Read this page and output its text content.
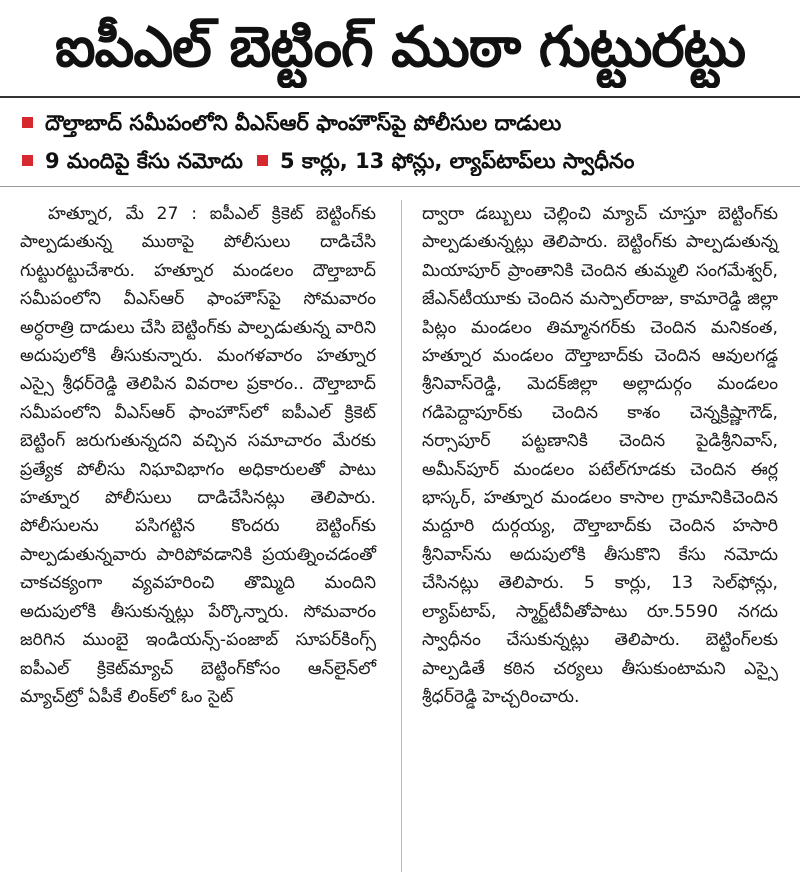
ఐపీఎల్ బెట్టింగ్ ముఠా గుట్టురట్టు
దౌల్తాబాద్ సమీపంలోని వీఎస్ఆర్ ఫాంహౌస్‌పై పోలీసుల దాడులు
9 మందిపై కేసు నమోదు 5 కార్లు, 13 ఫోన్లు, ల్యాప్‌టాప్‌లు స్వాధీనం

హత్నూర, మే 27 : ఐపీఎల్ క్రికెట్ బెట్టింగ్‌కు పాల్పడుతున్న ముఠాపై పోలీసులు దాడిచేసి గుట్టురట్టుచేశారు. హత్నూర మండలం దౌల్తాబాద్ సమీపంలోని వీఎస్ఆర్ ఫాంహౌస్‌పై సోమవారం అర్ధరాత్రి దాడులు చేసి బెట్టింగ్‌కు పాల్పడుతున్న వారిని అదుపులోకి తీసుకున్నారు. మంగళవారం హత్నూర ఎస్సై శ్రీధర్‌రెడ్డి తెలిపిన వివరాల ప్రకారం.. దౌల్తాబాద్ సమీపంలోని వీఎస్ఆర్ ఫాంహౌస్‌లో ఐపీఎల్ క్రికెట్ బెట్టింగ్ జరుగుతున్నదని వచ్చిన సమాచారం మేరకు ప్రత్యేక పోలీసు నిఘావిభాగం అధికారులతో పాటు హత్నూర పోలీసులు దాడిచేసినట్లు తెలిపారు. పోలీసులను పసిగట్టిన కొందరు బెట్టింగ్‌కు పాల్పడుతున్నవారు పారిపోవడానికి ప్రయత్నించడంతో చాకచక్యంగా వ్యవహరించి తొమ్మిది మందిని అదుపులోకి తీసుకున్నట్లు పేర్కొన్నారు. సోమవారం జరిగిన ముంబై ఇండియన్స్-పంజాబ్ సూపర్‌కింగ్స్ ఐపీఎల్ క్రికెట్‌మ్యాచ్ బెట్టింగ్‌కోసం ఆన్‌లైన్‌లో మ్యాచ్‌ట్రో ఏపీకే లింక్‌లో ఓం సైట్

ద్వారా డబ్బులు చెల్లించి మ్యాచ్ చూస్తూ బెట్టింగ్‌కు పాల్పడుతున్నట్లు తెలిపారు. బెట్టింగ్‌కు పాల్పడుతున్న మియాపూర్ ప్రాంతానికి చెందిన తుమ్మలి సంగమేశ్వర్, జేఎన్‌టీయూకు చెందిన మస్పాల్‌రాజు, కామారెడ్డి జిల్లా పిట్లం మండలం తిమ్మానగర్‌కు చెందిన మనికంత, హత్నూర మండలం దౌల్తాబాద్‌కు చెందిన ఆవులగడ్డ శ్రీనివాస్‌రెడ్డి, మెదక్‌జిల్లా అల్లాదుర్గం మండలం గడిపెద్దాపూర్‌కు చెందిన కాశం చెన్నక్రిష్ణాగౌడ్, నర్సాపూర్ పట్టణానికి చెందిన పైడిశ్రీనివాస్, అమీన్‌పూర్ మండలం పటేల్‌గూడకు చెందిన ఈర్ల భాస్కర్, హత్నూర మండలం కాసాల గ్రామానికిచెందిన మద్దూరి దుర్గయ్య, దౌల్తాబాద్‌కు చెందిన హసారి శ్రీనివాస్‌ను అదుపులోకి తీసుకొని కేసు నమోదు చేసినట్లు తెలిపారు. 5 కార్లు, 13 సెల్‌ఫోన్లు, ల్యాప్‌టాప్, స్మార్ట్‌టీవీతోపాటు రూ.5590 నగదు స్వాధీనం చేసుకున్నట్లు తెలిపారు. బెట్టింగ్‌లకు పాల్పడితే కఠిన చర్యలు తీసుకుంటామని ఎస్సై శ్రీధర్‌రెడ్డి హెచ్చరించారు.
